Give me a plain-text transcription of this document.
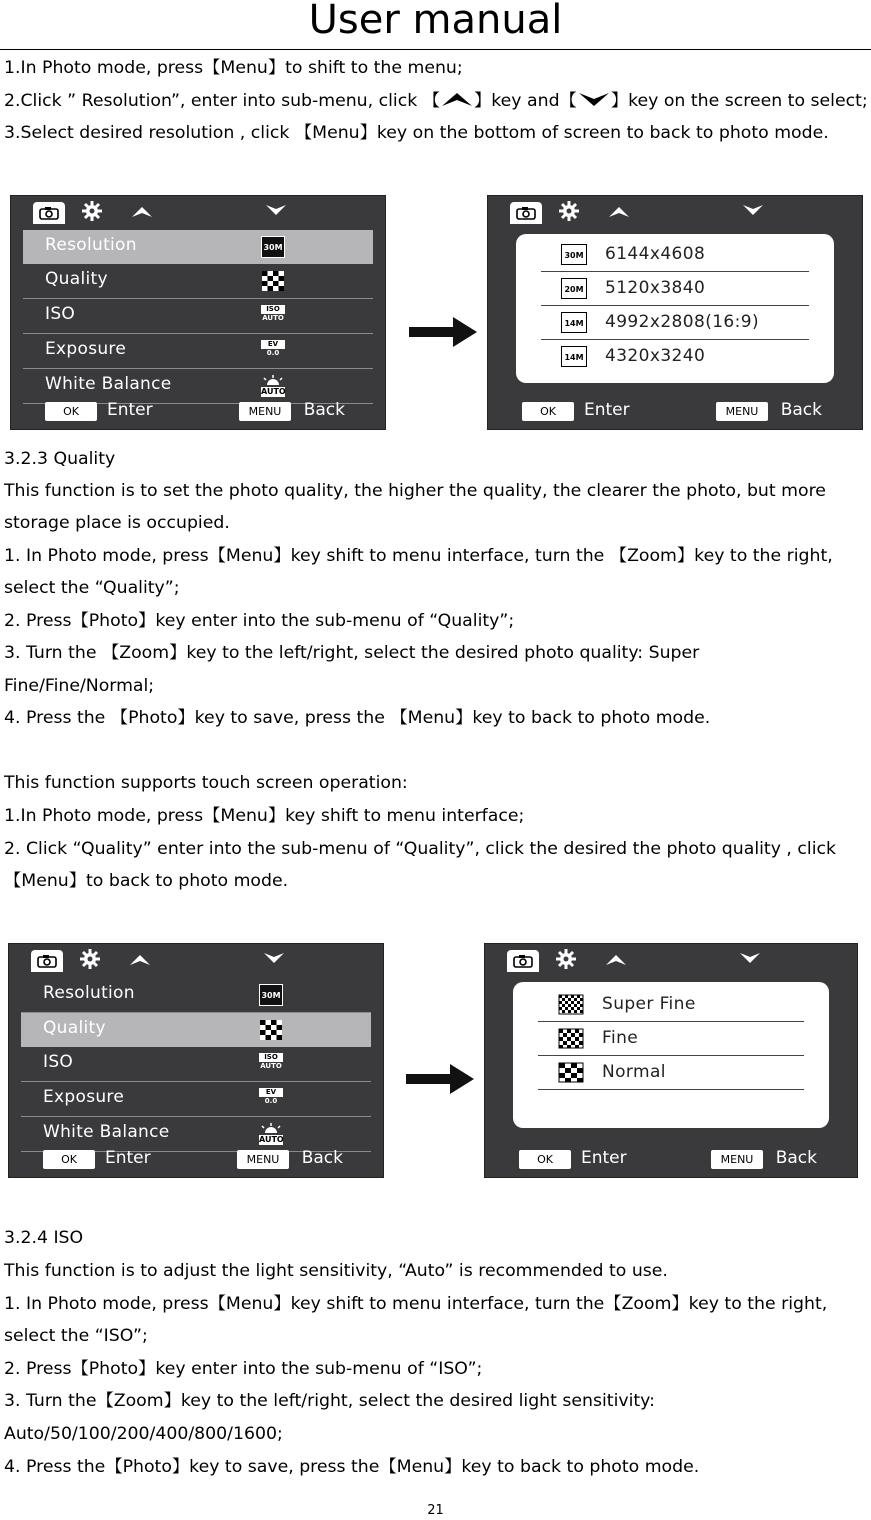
User manual
1.In Photo mode, press【Menu】to shift to the menu;
2.Click ” Resolution”, enter into sub-menu, click 【 】key and【 】key on the screen to select;
3.Select desired resolution , click 【Menu】key on the bottom of screen to back to photo mode.
Resolution	30M
Quality
ISO	ISO
AUTO
Exposure	EV
0.0
White Balance	AUTO
OK	Enter	MENU	Back
30M 6144x4608
20M 5120x3840
14M 4992x2808(16:9)
14M 4320x3240
OK	Enter	MENU	Back
3.2.3 Quality
This function is to set the photo quality, the higher the quality, the clearer the photo, but more
storage place is occupied.
1. In Photo mode, press【Menu】key shift to menu interface, turn the 【Zoom】key to the right,
select the “Quality”;
2. Press【Photo】key enter into the sub-menu of “Quality”;
3. Turn the 【Zoom】key to the left/right, select the desired photo quality: Super
Fine/Fine/Normal;
4. Press the 【Photo】key to save, press the 【Menu】key to back to photo mode.
This function supports touch screen operation:
1.In Photo mode, press【Menu】key shift to menu interface;
2. Click “Quality” enter into the sub-menu of “Quality”, click the desired the photo quality , click
【Menu】to back to photo mode.
Resolution	30M
Quality
ISO	ISO
AUTO
Exposure	EV
0.0
White Balance	AUTO
OK	Enter	MENU	Back
Super Fine
Fine
Normal
OK	Enter	MENU	Back
3.2.4 ISO
This function is to adjust the light sensitivity, “Auto” is recommended to use.
1. In Photo mode, press【Menu】key shift to menu interface, turn the【Zoom】key to the right,
select the “ISO”;
2. Press【Photo】key enter into the sub-menu of “ISO”;
3. Turn the【Zoom】key to the left/right, select the desired light sensitivity:
Auto/50/100/200/400/800/1600;
4. Press the【Photo】key to save, press the【Menu】key to back to photo mode.
21
